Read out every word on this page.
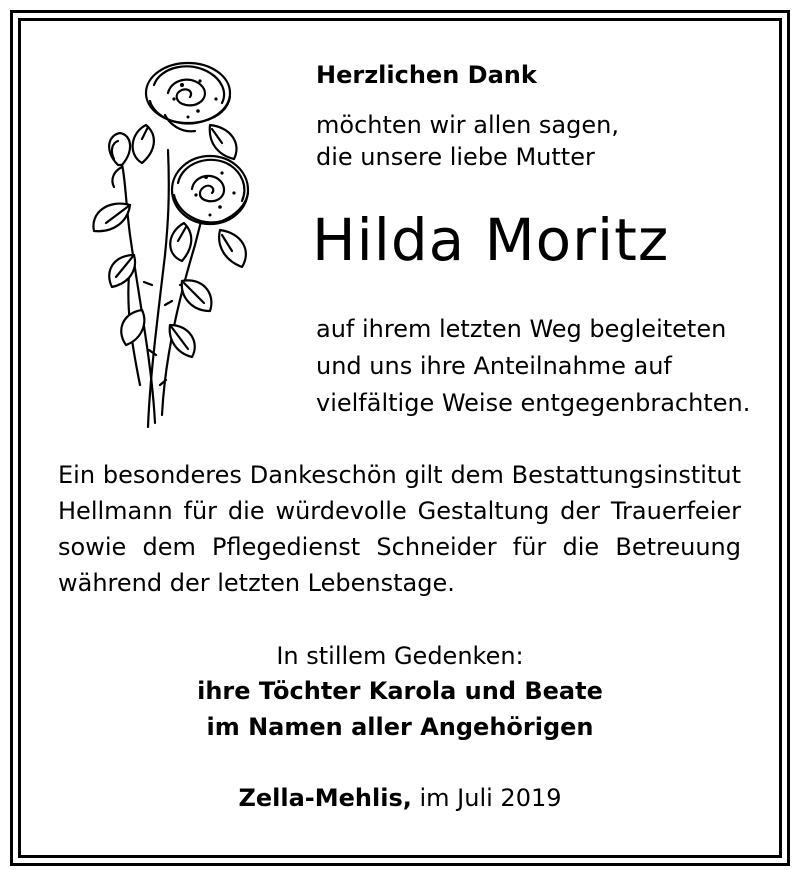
Herzlichen Dank
möchten wir allen sagen,
die unsere liebe Mutter
Hilda Moritz
auf ihrem letzten Weg begleiteten
und uns ihre Anteilnahme auf
vielfältige Weise entgegenbrachten.
Ein besonderes Dankeschön gilt dem Bestattungsinstitut
Hellmann für die würdevolle Gestaltung der Trauerfeier
sowie dem Pflegedienst Schneider für die Betreuung
während der letzten Lebenstage.
In stillem Gedenken:
ihre Töchter Karola und Beate
im Namen aller Angehörigen
Zella-Mehlis, im Juli 2019
